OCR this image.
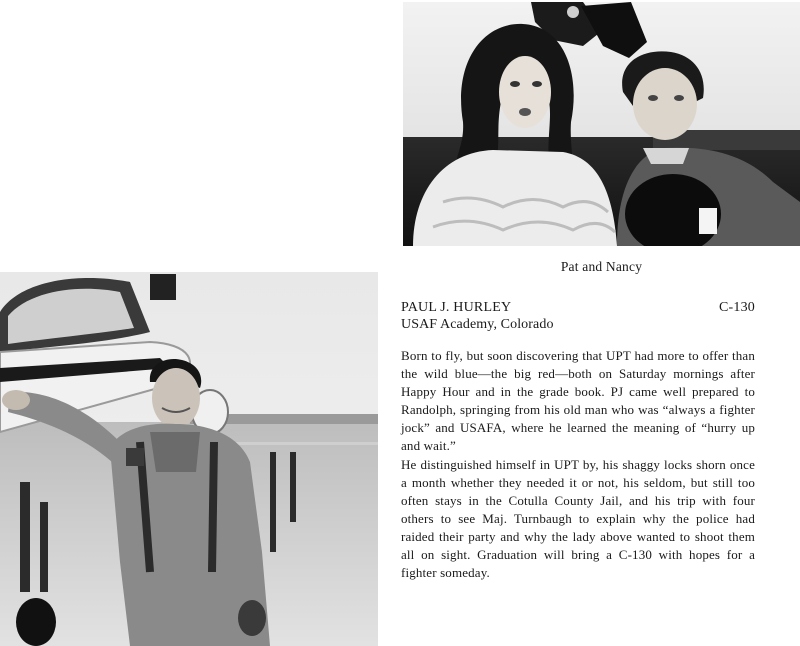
Pat and Nancy
PAUL J. HURLEY	C-130
USAF Academy, Colorado

Born to fly, but soon discovering that UPT had more to offer than the wild blue—the big red—both on Saturday mornings after Happy Hour and in the grade book. PJ came well prepared to Randolph, springing from his old man who was “always a fighter jock” and USAFA, where he learned the meaning of “hurry up and wait.”

He distinguished himself in UPT by, his shaggy locks shorn once a month whether they needed it or not, his seldom, but still too often stays in the Cotulla County Jail, and his trip with four others to see Maj. Turnbaugh to explain why the police had raided their party and why the lady above wanted to shoot them all on sight. Graduation will bring a C-130 with hopes for a fighter someday.
